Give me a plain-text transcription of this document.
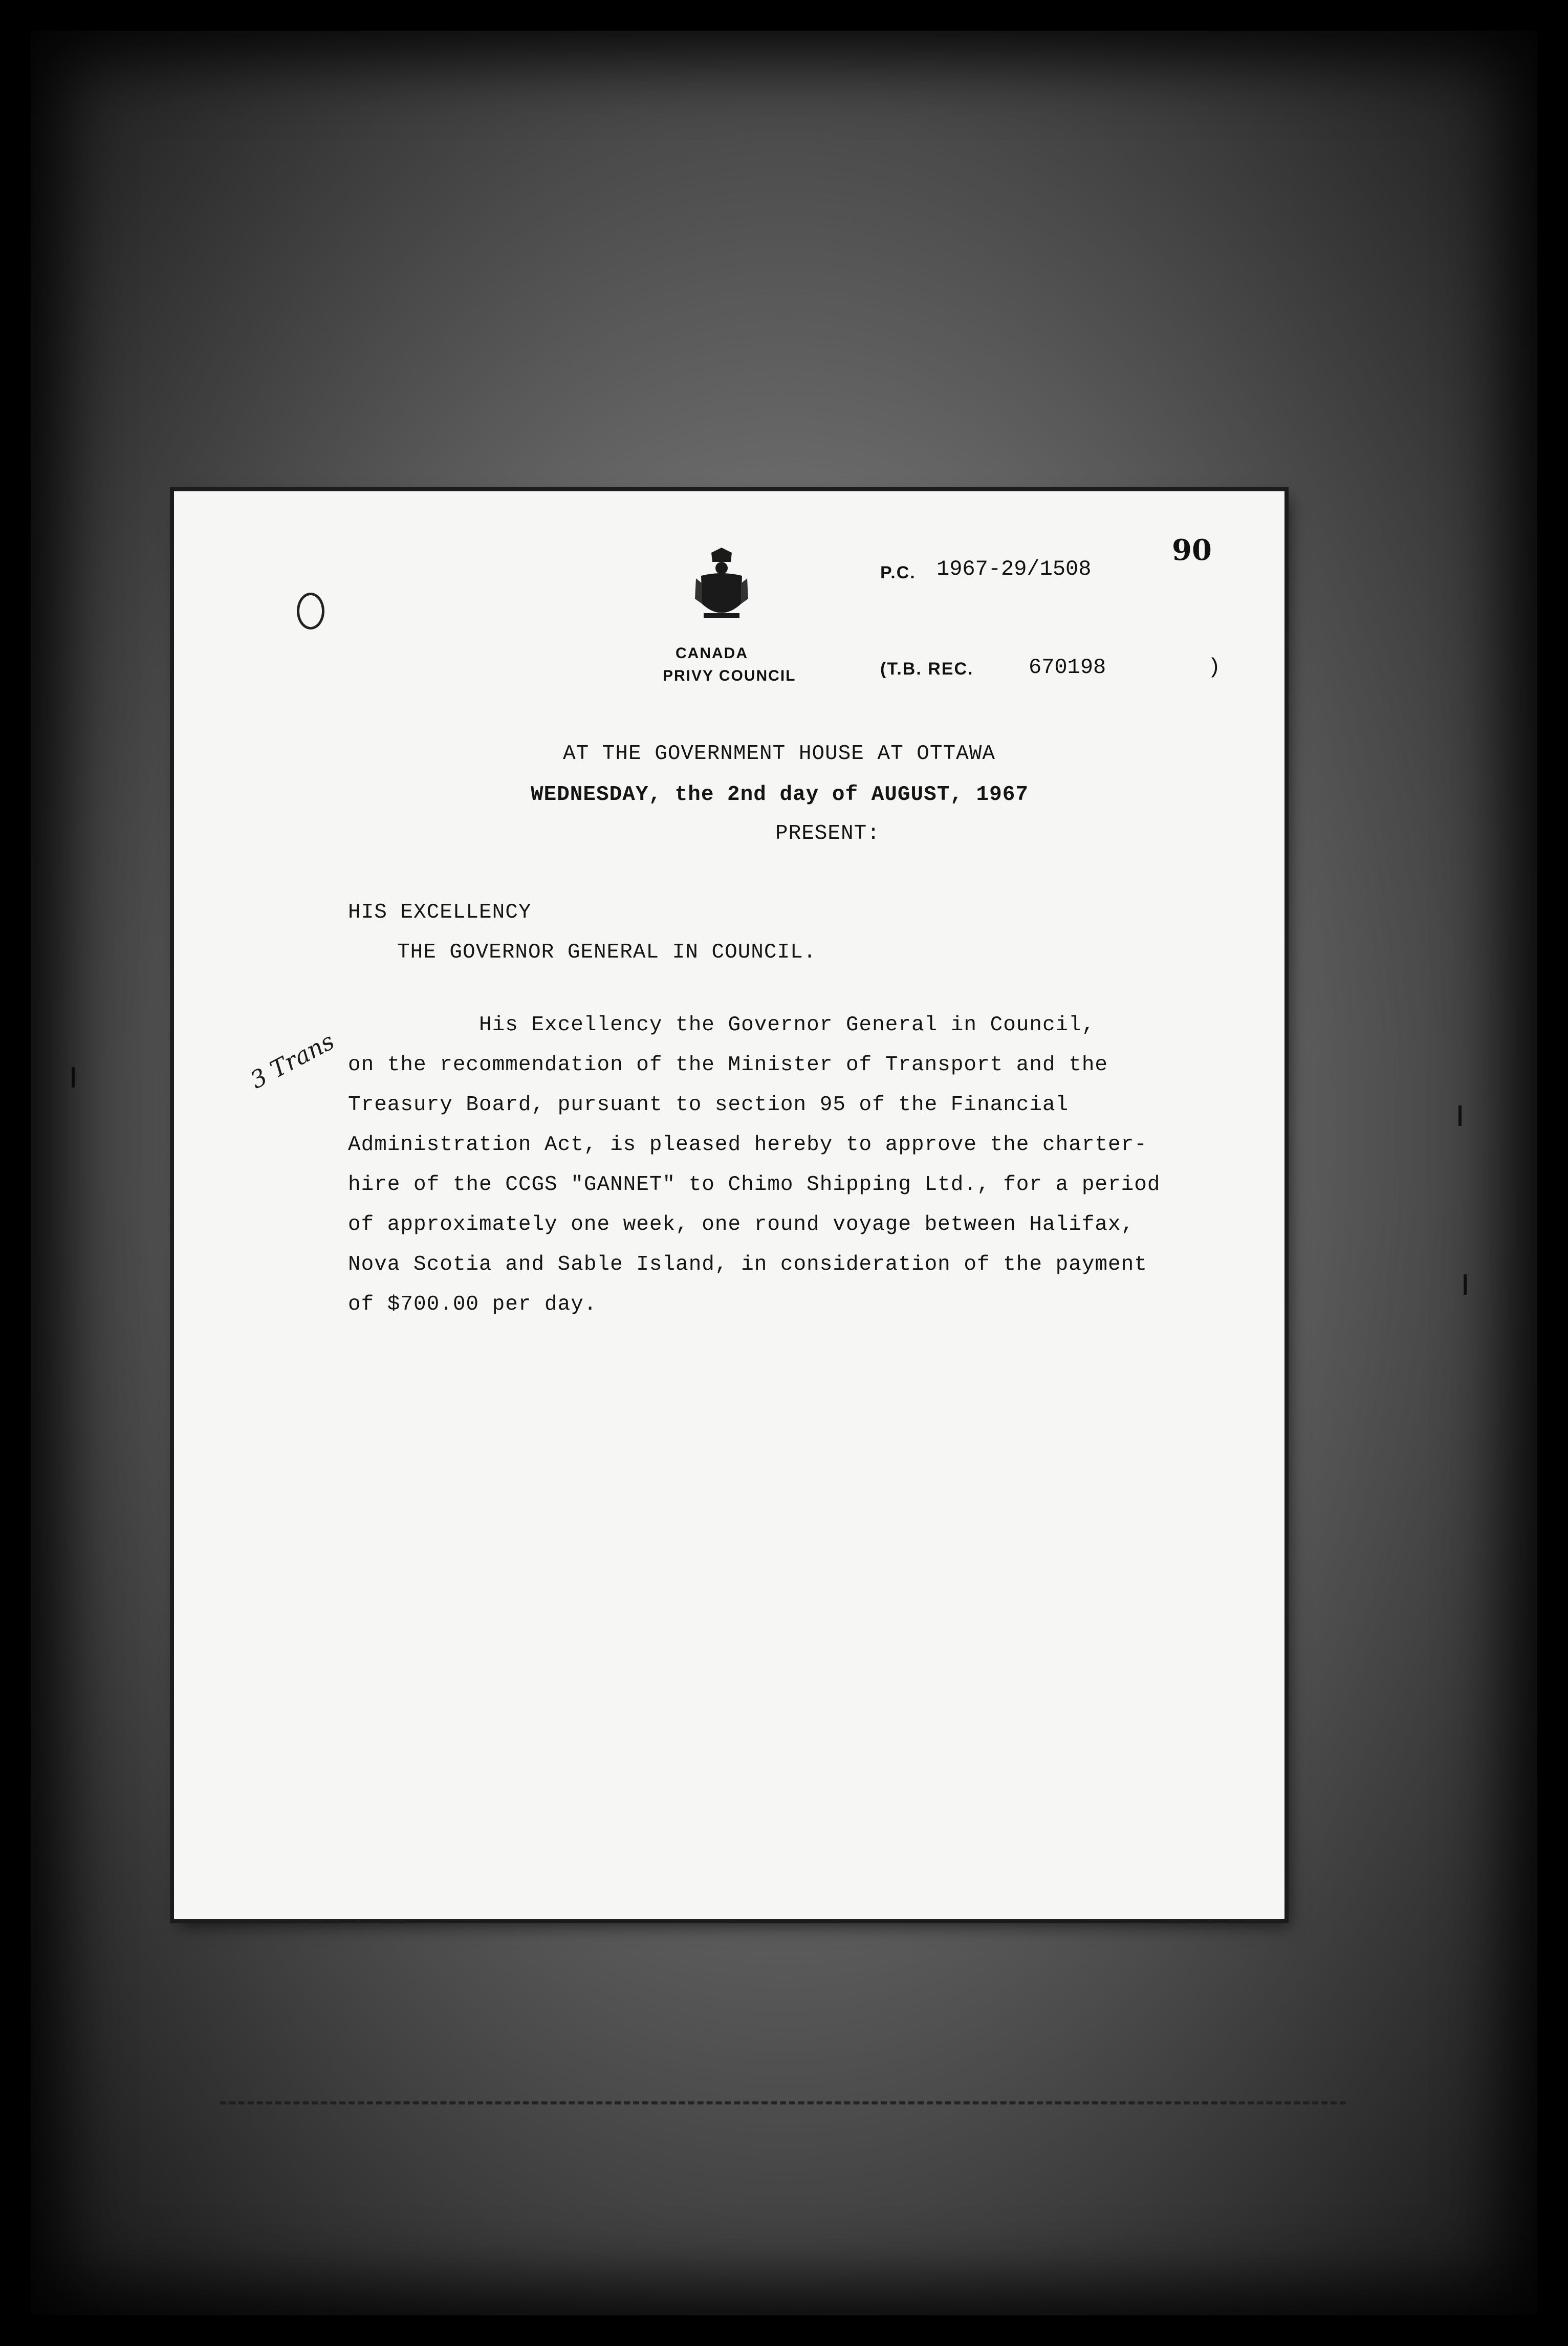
CANADA
PRIVY COUNCIL
P.C. 1967-29/1508
(T.B. REC.	670198	)
90
AT THE GOVERNMENT HOUSE AT OTTAWA
WEDNESDAY, the 2nd day of AUGUST, 1967
PRESENT:
HIS EXCELLENCY
THE GOVERNOR GENERAL IN COUNCIL.
His Excellency the Governor General in Council,
on the recommendation of the Minister of Transport and the
Treasury Board, pursuant to section 95 of the Financial
Administration Act, is pleased hereby to approve the charter-
hire of the CCGS "GANNET" to Chimo Shipping Ltd., for a period
of approximately one week, one round voyage between Halifax,
Nova Scotia and Sable Island, in consideration of the payment
of $700.00 per day.
3 Trans
